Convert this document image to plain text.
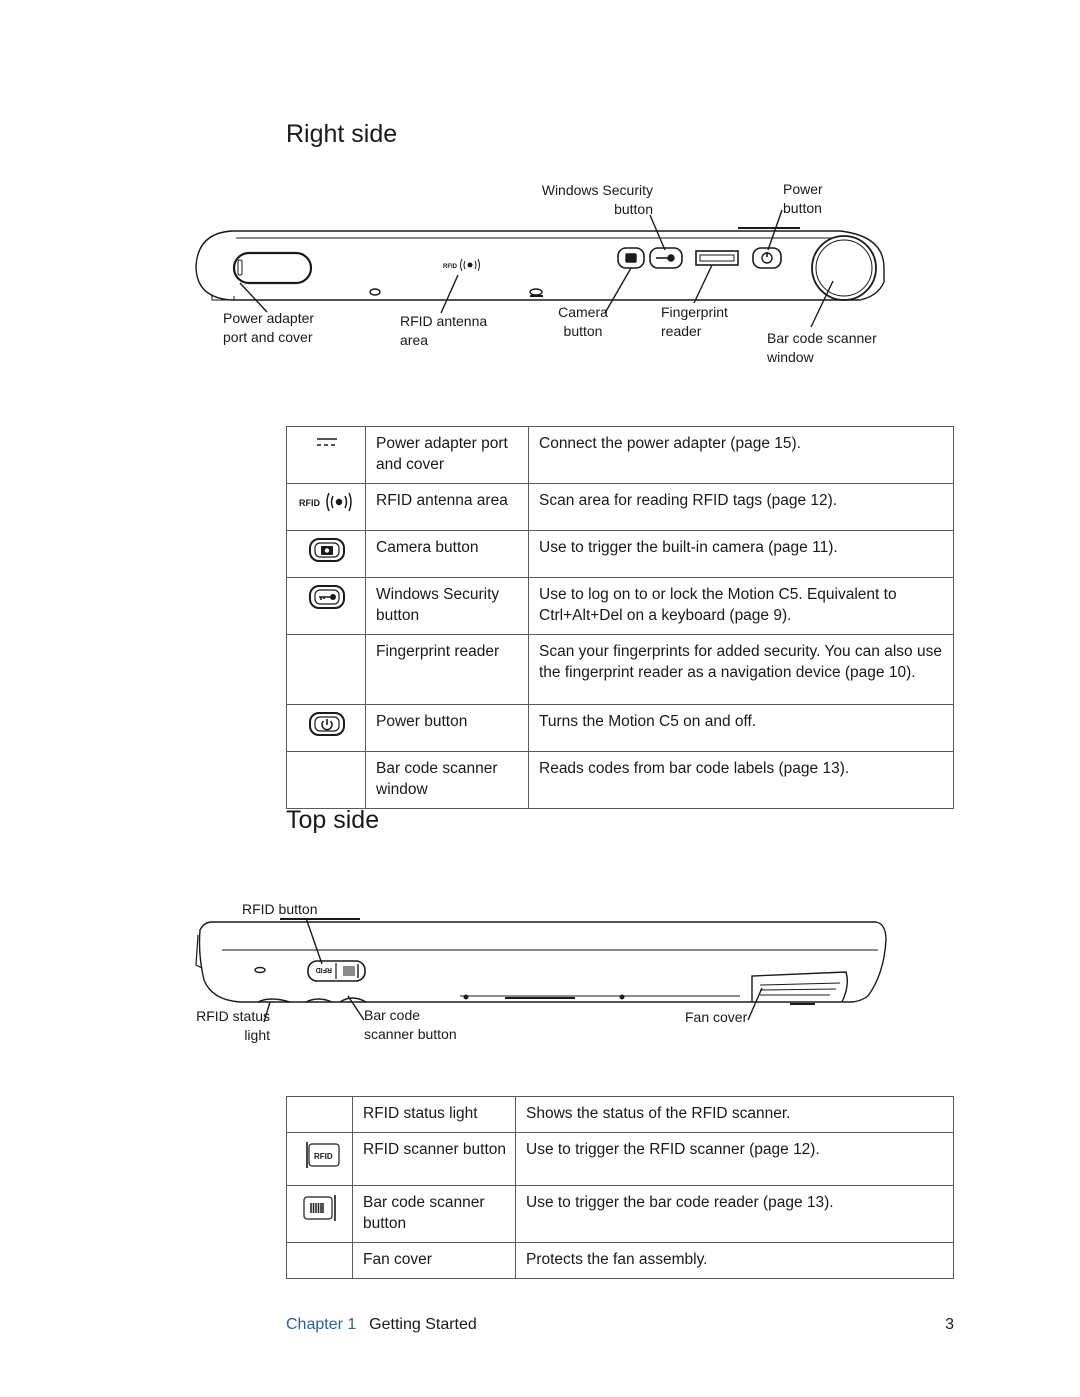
Right side
Windows Security
button
Power
button
Power adapter
port and cover
RFID antenna
area
Camera
button
Fingerprint
reader	Bar code scanner
window
RFID
	Power adapter port and cover	Connect the power adapter (page 15).

RFID	RFID antenna area	Scan area for reading RFID tags (page 12).
	Camera button	Use to trigger the built-in camera (page 11).
	Windows Security button	Use to log on to or lock the Motion C5. Equivalent to Ctrl+Alt+Del on a keyboard (page 9).
	Fingerprint reader	Scan your fingerprints for added security. You can also use the fingerprint reader as a navigation device (page 10).
	Power button	Turns the Motion C5 on and off.
	Bar code scanner window	Reads codes from bar code labels (page 13).
Top side
RFID button
RFID status
light
Bar code
scanner button
Fan cover
RFID
	RFID status light	Shows the status of the RFID scanner.

RFID	RFID scanner button	Use to trigger the RFID scanner (page 12).
	Bar code scanner button	Use to trigger the bar code reader (page 13).
	Fan cover	Protects the fan assembly.
Chapter 1 Getting Started	3
